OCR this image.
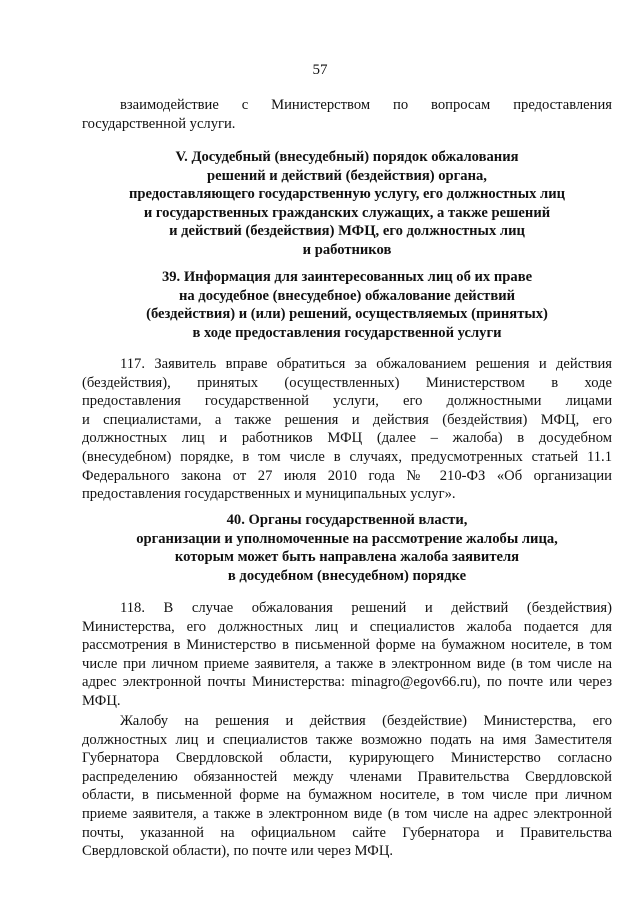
57
взаимодействие с Министерством по вопросам предоставления
государственной услуги.
V. Досудебный (внесудебный) порядок обжалования
решений и действий (бездействия) органа,
предоставляющего государственную услугу, его должностных лиц
и государственных гражданских служащих, а также решений
и действий (бездействия) МФЦ, его должностных лиц
и работников
39. Информация для заинтересованных лиц об их праве
на досудебное (внесудебное) обжалование действий
(бездействия) и (или) решений, осуществляемых (принятых)
в ходе предоставления государственной услуги
117. Заявитель вправе обратиться за обжалованием решения и действия
(бездействия), принятых (осуществленных) Министерством в ходе
предоставления государственной услуги, его должностными лицами
и специалистами, а также решения и действия (бездействия) МФЦ, его
должностных лиц и работников МФЦ (далее – жалоба) в досудебном
(внесудебном) порядке, в том числе в случаях, предусмотренных статьей 11.1
Федерального закона от 27 июля 2010 года № 210-ФЗ «Об организации
предоставления государственных и муниципальных услуг».
40. Органы государственной власти,
организации и уполномоченные на рассмотрение жалобы лица,
которым может быть направлена жалоба заявителя
в досудебном (внесудебном) порядке
118. В случае обжалования решений и действий (бездействия)
Министерства, его должностных лиц и специалистов жалоба подается для
рассмотрения в Министерство в письменной форме на бумажном носителе, в том
числе при личном приеме заявителя, а также в электронном виде (в том числе на
адрес электронной почты Министерства: minagro@egov66.ru), по почте или через
МФЦ.
Жалобу на решения и действия (бездействие) Министерства, его
должностных лиц и специалистов также возможно подать на имя Заместителя
Губернатора Свердловской области, курирующего Министерство согласно
распределению обязанностей между членами Правительства Свердловской
области, в письменной форме на бумажном носителе, в том числе при личном
приеме заявителя, а также в электронном виде (в том числе на адрес электронной
почты, указанной на официальном сайте Губернатора и Правительства
Свердловской области), по почте или через МФЦ.
